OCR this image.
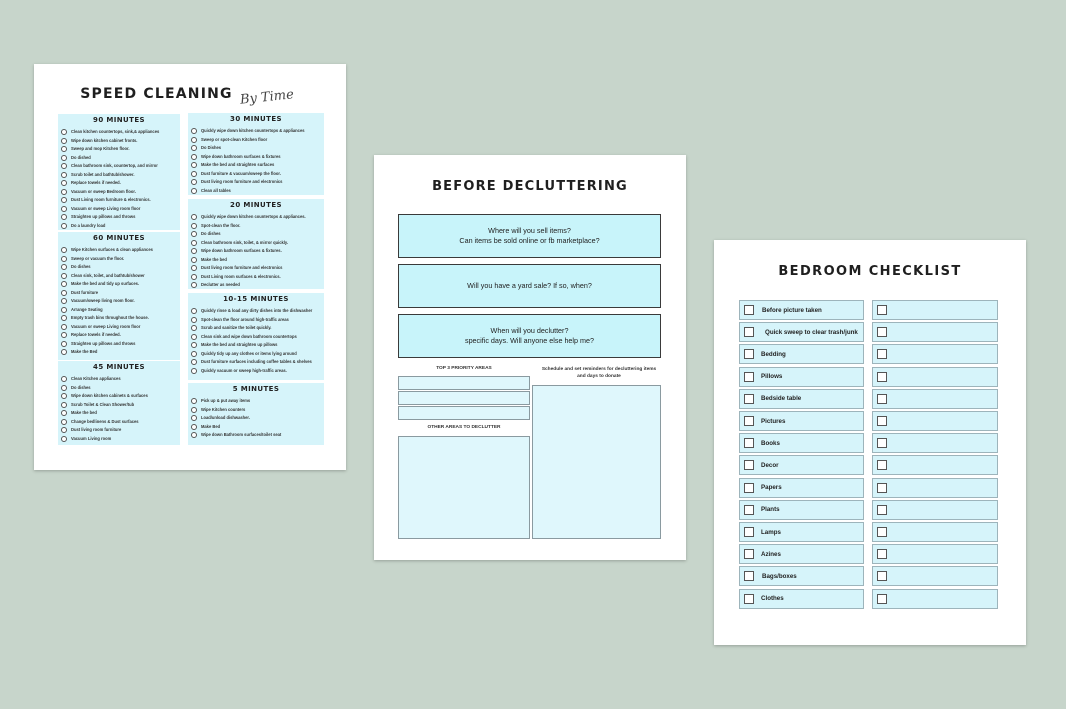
SPEED CLEANING By Time
90 MINUTES
Clean kitchen countertops, sink,& appliances
Wipe down kitchen cabinet fronts.
Sweep and mop Kitchen floor.
Do dished
Clean bathroom sink, countertop, and mirror
Scrub toilet and bathtub/shower.
Replace towels if needed.
Vacuum or sweep Bedroom floor.
Dust Living room furniture & electronics.
Vacuum or sweep Living room floor
Straighten up pillows and throws
Do a laundry load
60 MINUTES
Wipe Kitchen surfaces & clean appliances
Sweep or vacuum the floor.
Do dishes
Clean sink, toilet, and bathtub/shower
Make the bed and tidy up surfaces.
Dust furniture
Vacuum/sweep living room floor.
Arrange Seating
Empty trash bins throughout the house.
Vacuum or sweep Living room floor
Replace towels if needed.
Straighten up pillows and throws
Make the Bed
45 MINUTES
Clean Kitchen appliances
Do dishes
Wipe down kitchen cabinets & surfaces
Scrub Toilet & Clean Shower/tub
Make the bed
Change bedlinens & Dust surfaces
Dust living room furniture
Vacuum Living room
30 MINUTES
Quickly wipe down kitchen countertops & appliances
Sweep or spot-clean Kitchen floor
Do Dishes
Wipe down bathroom surfaces & fixtures
Make the bed and straighten surfaces
Dust furniture & vacuum/sweep the floor.
Dust living room furniture and electronics
Clean all tables
20 MINUTES
Quickly wipe down kitchen countertops & appliances.
Spot-clean the floor.
Do dishes
Clean bathroom sink, toilet, & mirror quickly.
Wipe down bathroom surfaces & fixtures.
Make the bed
Dust living room furniture and electronics
Dust Living room surfaces & electronics.
Declutter as needed
10-15 MINUTES
Quickly rinse & load any dirty dishes into the dishwasher
Spot-clean the floor around high-traffic areas
Scrub and sanitize the toilet quickly.
Clean sink and wipe down bathroom countertops
Make the bed and straighten up pillows
Quickly tidy up any clothes or items lying around
Dust furniture surfaces including coffee tables & shelves
Quickly vacuum or sweep high-traffic areas.
5 MINUTES
Pick up & put away items
Wipe Kitchen counters
Load/unload dishwasher.
Make Bed
Wipe down Bathroom surfaces/toilet seat
BEFORE DECLUTTERING
Where will you sell items?
Can items be sold online or fb marketplace?
Will you have a yard sale? If so, when?
When will you declutter?
specific days. Will anyone else help me?
TOP 3 PRIORITY AREAS	Schedule and set reminders for decluttering items and days to donate
OTHER AREAS TO DECLUTTER
BEDROOM CHECKLIST
Before picture taken
Quick sweep to clear trash/junk
Bedding
Pillows
Bedside table
Pictures
Books
Decor
Papers
Plants
Lamps
Azines
Bags/boxes
Clothes
